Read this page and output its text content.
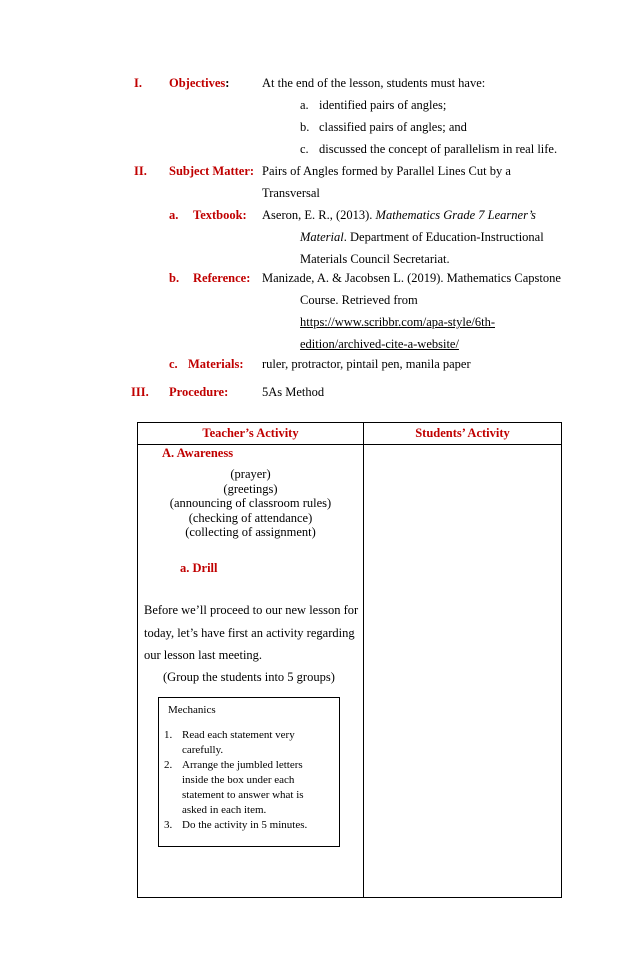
I. Objectives:	At the end of the lesson, students must have:
a. identified pairs of angles;
b. classified pairs of angles; and
c. discussed the concept of parallelism in real life.
II. Subject Matter: Pairs of Angles formed by Parallel Lines Cut by a
Transversal
a. Textbook: Aseron, E. R., (2013). Mathematics Grade 7 Learner’s
Material. Department of Education-Instructional
Materials Council Secretariat.
b. Reference: Manizade, A. & Jacobsen L. (2019). Mathematics Capstone
Course. Retrieved from
https://www.scribbr.com/apa-style/6th-
edition/archived-cite-a-website/
c. Materials: ruler, protractor, pintail pen, manila paper
III. Procedure:	5As Method
Teacher’s Activity	Students’ Activity
A. Awareness
(prayer)
(greetings)
(announcing of classroom rules)
(checking of attendance)
(collecting of assignment)
a. Drill
Before we’ll proceed to our new lesson for
today, let’s have first an activity regarding
our lesson last meeting.
(Group the students into 5 groups)
Mechanics
1. Read each statement very
carefully.
2. Arrange the jumbled letters
inside the box under each
statement to answer what is
asked in each item.
3. Do the activity in 5 minutes.
